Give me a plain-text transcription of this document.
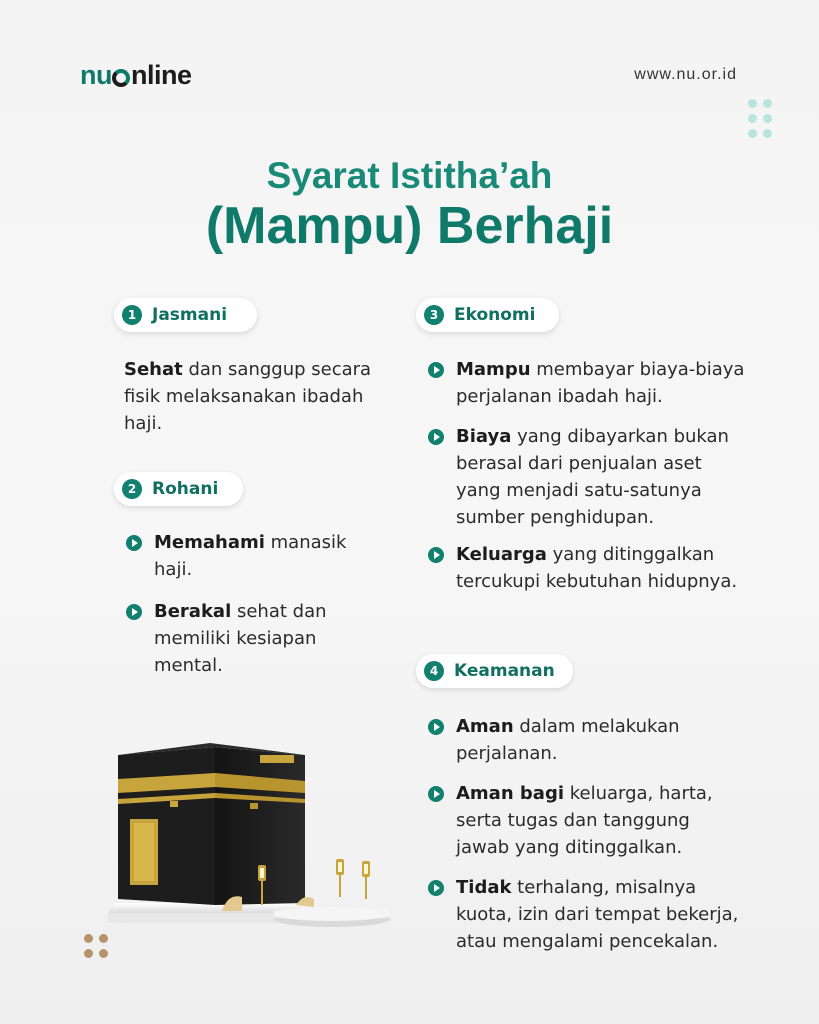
nu nline	www.nu.or.id
Syarat Istitha’ah
(Mampu) Berhaji
1 Jasmani
2 Rohani
3 Ekonomi
4 Keamanan
Sehat dan sanggup secara fisik melaksanakan ibadah haji.
Memahami manasik haji.
Berakal sehat dan memiliki kesiapan mental.
Mampu membayar biaya-biaya perjalanan ibadah haji.
Biaya yang dibayarkan bukan berasal dari penjualan aset yang menjadi satu-satunya sumber penghidupan.
Keluarga yang ditinggalkan tercukupi kebutuhan hidupnya.
Aman dalam melakukan perjalanan.
Aman bagi keluarga, harta, serta tugas dan tanggung jawab yang ditinggalkan.
Tidak terhalang, misalnya kuota, izin dari tempat bekerja, atau mengalami pencekalan.
